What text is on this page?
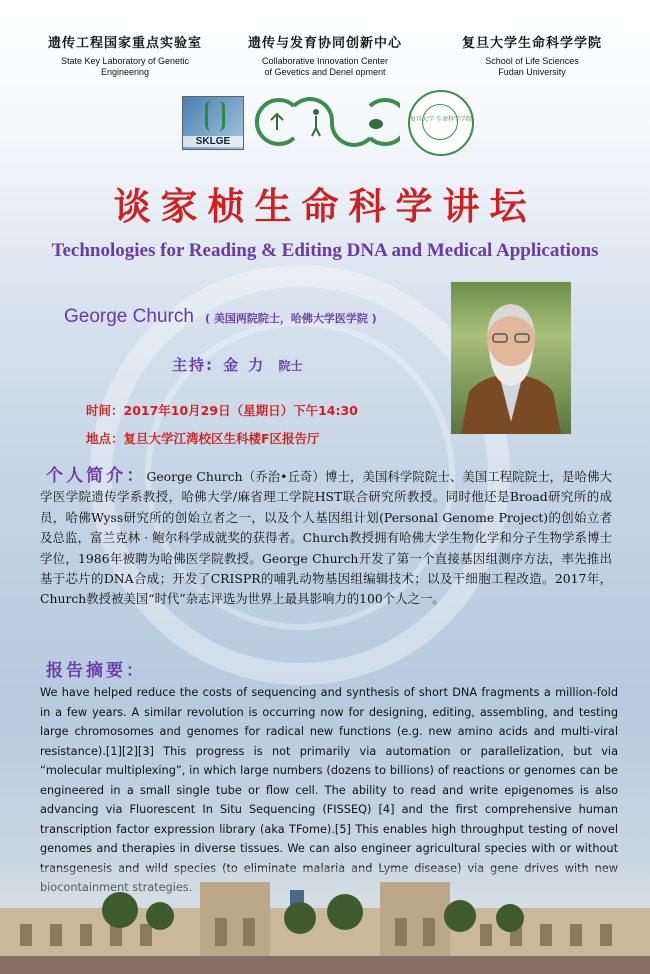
遗传工程国家重点实验室
State Key Laboratory of Genetic
Engineering
遗传与发育协同创新中心
Collaborative Innovation Center
of Gevetics and Denel opment
复旦大学生命科学学院
School of Life Sciences
Fudan University
SKLGE
复旦大学 生命科学学院
谈家桢生命科学讲坛
Technologies for Reading & Editing DNA and Medical Applications
George Church ( 美国两院院士，哈佛大学医学院 )
主持: 金力 院士
时间：2017年10月29日（星期日）下午14:30
地点：复旦大学江湾校区生科楼F区报告厅
个人简介：George Church（乔治•丘奇）博士，美国科学院院士、美国工程院院士，是哈佛大学医学院遗传学系教授，哈佛大学/麻省理工学院HST联合研究所教授。同时他还是Broad研究所的成员，哈佛Wyss研究所的创始立者之一，以及个人基因组计划(Personal Genome Project)的创始立者及总监，富兰克林 · 鲍尔科学成就奖的获得者。Church教授拥有哈佛大学生物化学和分子生物学系博士学位，1986年被聘为哈佛医学院教授。George Church开发了第一个直接基因组测序方法，率先推出基于芯片的DNA合成；开发了CRISPR的哺乳动物基因组编辑技术；以及干细胞工程改造。2017年，Church教授被美国“时代”杂志评选为世界上最具影响力的100个人之一。
报告摘要：
We have helped reduce the costs of sequencing and synthesis of short DNA fragments a million-fold in a few years. A similar revolution is occurring now for designing, editing, assembling, and testing large chromosomes and genomes for radical new functions (e.g. new amino acids and multi-viral resistance).[1][2][3] This progress is not primarily via automation or parallelization, but via “molecular multiplexing”, in which large numbers (dozens to billions) of reactions or genomes can be engineered in a small single tube or flow cell. The ability to read and write epigenomes is also advancing via Fluorescent In Situ Sequencing (FISSEQ) [4] and the first comprehensive human transcription factor expression library (aka TFome).[5] This enables high throughput testing of novel genomes and therapies in diverse tissues. We can also engineer agricultural species with or without
